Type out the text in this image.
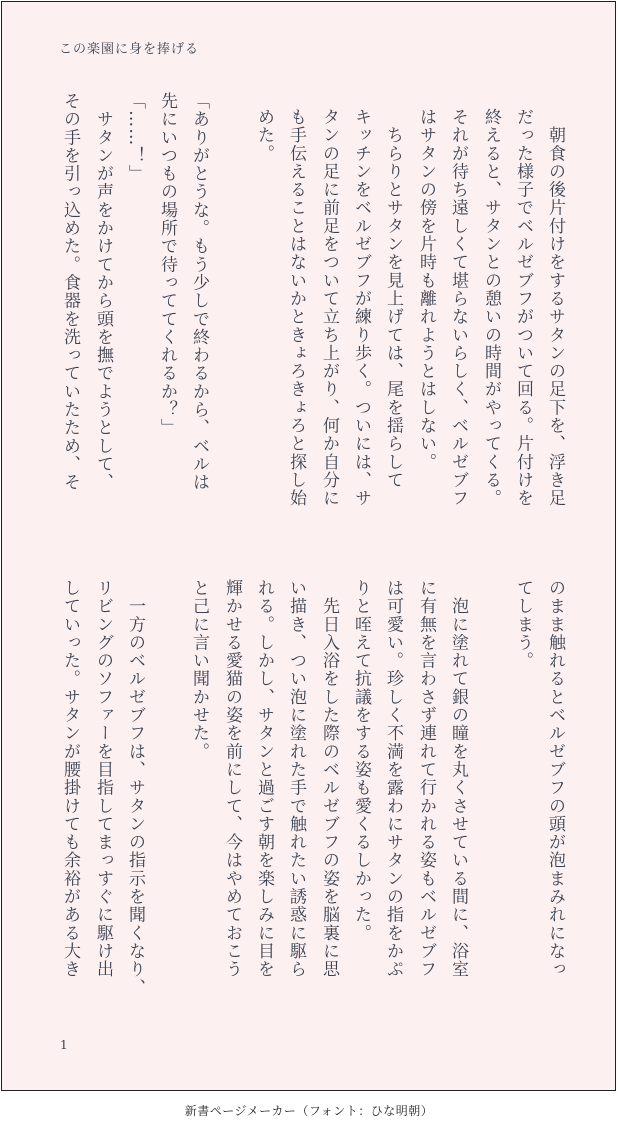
この楽園に身を捧げる
　朝食の後片付けをするサタンの足下を、浮き足
だった様子でベルゼブフがついて回る。片付けを
終えると、サタンとの憩いの時間がやってくる。
それが待ち遠しくて堪らないらしく、ベルゼブフ
はサタンの傍を片時も離れようとはしない。
　ちらりとサタンを見上げては、尾を揺らして
キッチンをベルゼブフが練り歩く。ついには、サ
タンの足に前足をついて立ち上がり、何か自分に
も手伝えることはないかときょろきょろと探し始
めた。
「ありがとうな。もう少しで終わるから、ベルは
先にいつもの場所で待っててくれるか？」
「……！」
　サタンが声をかけてから頭を撫でようとして、
その手を引っ込めた。食器を洗っていたため、そ
のまま触れるとベルゼブフの頭が泡まみれになっ
てしまう。
　泡に塗れて銀の瞳を丸くさせている間に、浴室
に有無を言わさず連れて行かれる姿もベルゼブフ
は可愛い。珍しく不満を露わにサタンの指をかぷ
りと咥えて抗議をする姿も愛くるしかった。
　先日入浴をした際のベルゼブフの姿を脳裏に思
い描き、つい泡に塗れた手で触れたい誘惑に駆ら
れる。しかし、サタンと過ごす朝を楽しみに目を
輝かせる愛猫の姿を前にして、今はやめておこう
と己に言い聞かせた。
　一方のベルゼブフは、サタンの指示を聞くなり、
リビングのソファーを目指してまっすぐに駆け出
していった。サタンが腰掛けても余裕がある大き
1
新書ページメーカー（フォント：ひな明朝）
